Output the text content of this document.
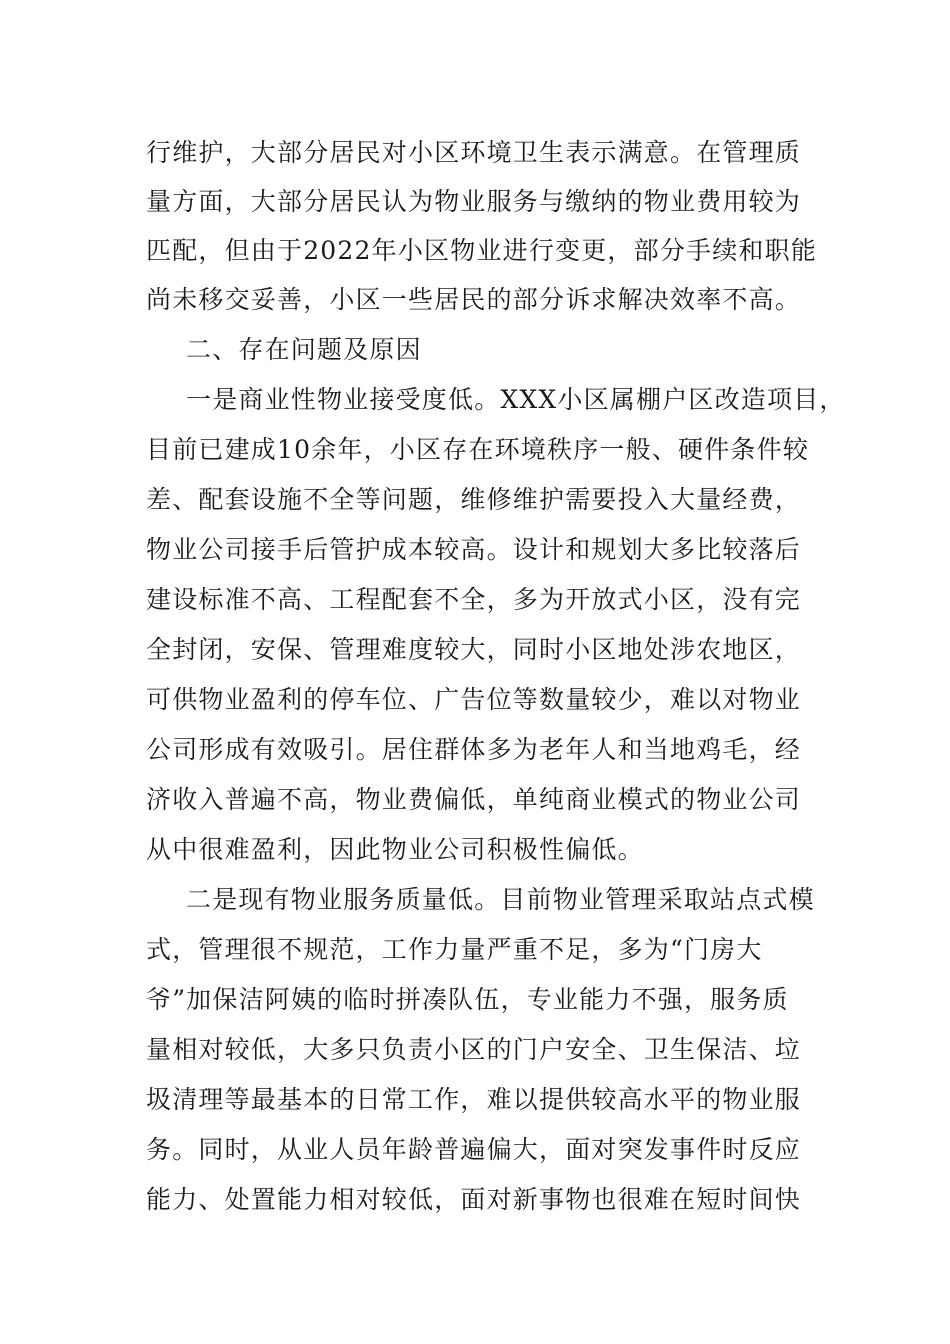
行维护，大部分居民对小区环境卫生表示满意。在管理质
量方面，大部分居民认为物业服务与缴纳的物业费用较为
匹配，但由于2022年小区物业进行变更，部分手续和职能
尚未移交妥善，小区一些居民的部分诉求解决效率不高。
二、存在问题及原因
一是商业性物业接受度低。XXX小区属棚户区改造项目，
目前已建成10余年，小区存在环境秩序一般、硬件条件较
差、配套设施不全等问题，维修维护需要投入大量经费，
物业公司接手后管护成本较高。设计和规划大多比较落后
建设标准不高、工程配套不全，多为开放式小区，没有完
全封闭，安保、管理难度较大，同时小区地处涉农地区，
可供物业盈利的停车位、广告位等数量较少，难以对物业
公司形成有效吸引。居住群体多为老年人和当地鸡毛，经
济收入普遍不高，物业费偏低，单纯商业模式的物业公司
从中很难盈利，因此物业公司积极性偏低。
二是现有物业服务质量低。目前物业管理采取站点式模
式，管理很不规范，工作力量严重不足，多为“门房大
爷”加保洁阿姨的临时拼凑队伍，专业能力不强，服务质
量相对较低，大多只负责小区的门户安全、卫生保洁、垃
圾清理等最基本的日常工作，难以提供较高水平的物业服
务。同时，从业人员年龄普遍偏大，面对突发事件时反应
能力、处置能力相对较低，面对新事物也很难在短时间快
